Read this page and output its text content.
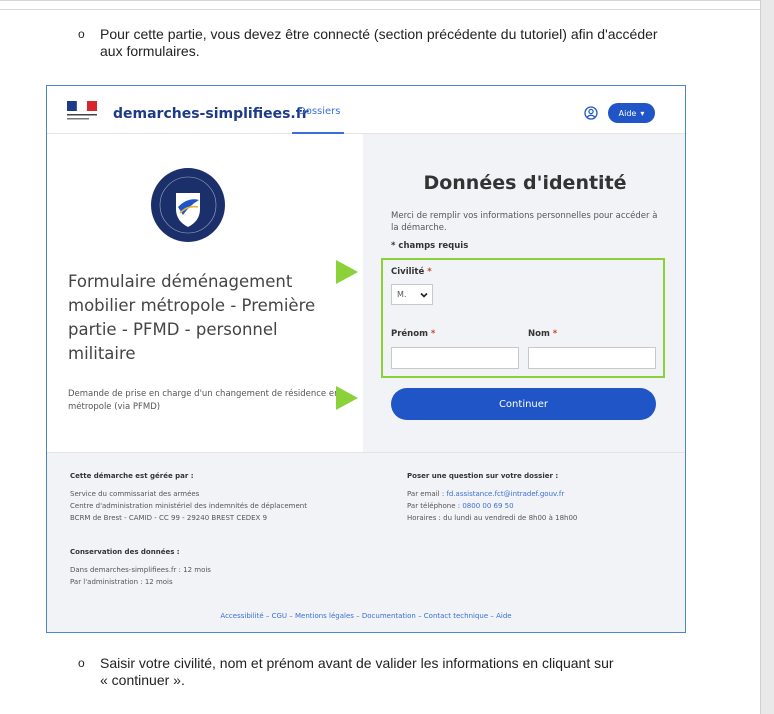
o Pour cette partie, vous devez être connecté (section précédente du tutoriel) afin d'accéder
aux formulaires.
demarches-simplifiees.fr
Dossiers	Aide ▾
Formulaire déménagement mobilier métropole - Première partie - PFMD - personnel militaire
Demande de prise en charge d'un changement de résidence en métropole (via PFMD)
Données d'identité
Merci de remplir vos informations personnelles pour accéder à la démarche.
* champs requis
Civilité *
M.
Prénom *	Nom *
Continuer
Cette démarche est gérée par :
Service du commissariat des armées
Centre d'administration ministériel des indemnités de déplacement
BCRM de Brest - CAMID - CC 99 - 29240 BREST CEDEX 9
Conservation des données :
Dans demarches-simplifiees.fr : 12 mois
Par l'administration : 12 mois
Poser une question sur votre dossier :
Par email : fd.assistance.fct@intradef.gouv.fr
Par téléphone : 0800 00 69 50
Horaires : du lundi au vendredi de 8h00 à 18h00
Accessibilité – CGU – Mentions légales – Documentation – Contact technique – Aide
o Saisir votre civilité, nom et prénom avant de valider les informations en cliquant sur
« continuer ».
